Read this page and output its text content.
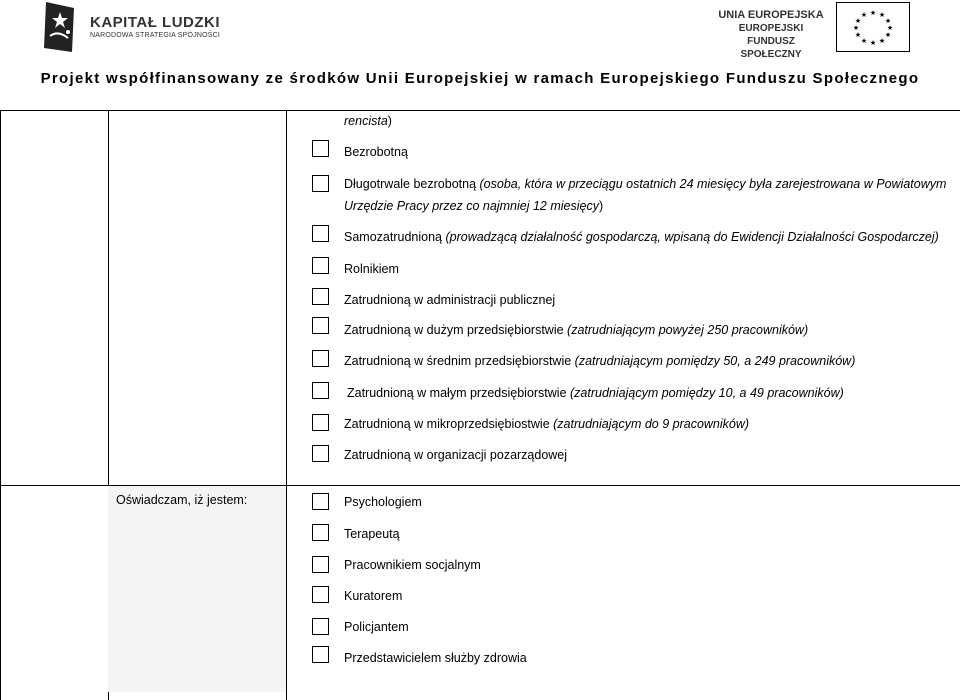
KAPITAŁ LUDZKI
NARODOWA STRATEGIA SPÓJNOŚCI
UNIA EUROPEJSKA
EUROPEJSKI
FUNDUSZ SPOŁECZNY
★ ★
★
★
★
★
★
★
★
★
★
★
Projekt współfinansowany ze środków Unii Europejskiej w ramach Europejskiego Funduszu Społecznego
rencista)
Bezrobotną
Długotrwale bezrobotną (osoba, która w przeciągu ostatnich 24 miesięcy była zarejestrowana w Powiatowym
Urzędzie Pracy przez co najmniej 12 miesięcy)
Samozatrudnioną (prowadzącą działalność gospodarczą, wpisaną do Ewidencji Działalności Gospodarczej)
Rolnikiem
Zatrudnioną w administracji publicznej
Zatrudnioną w dużym przedsiębiorstwie (zatrudniającym powyżej 250 pracowników)
Zatrudnioną w średnim przedsiębiorstwie (zatrudniającym pomiędzy 50, a 249 pracowników)
Zatrudnioną w małym przedsiębiorstwie (zatrudniającym pomiędzy 10, a 49 pracowników)
Zatrudnioną w mikroprzedsiębiostwie (zatrudniającym do 9 pracowników)
Zatrudnioną w organizacji pozarządowej
Oświadczam, iż jestem:	Psychologiem
Terapeutą
Pracownikiem socjalnym
Kuratorem
Policjantem
Przedstawicielem służby zdrowia
